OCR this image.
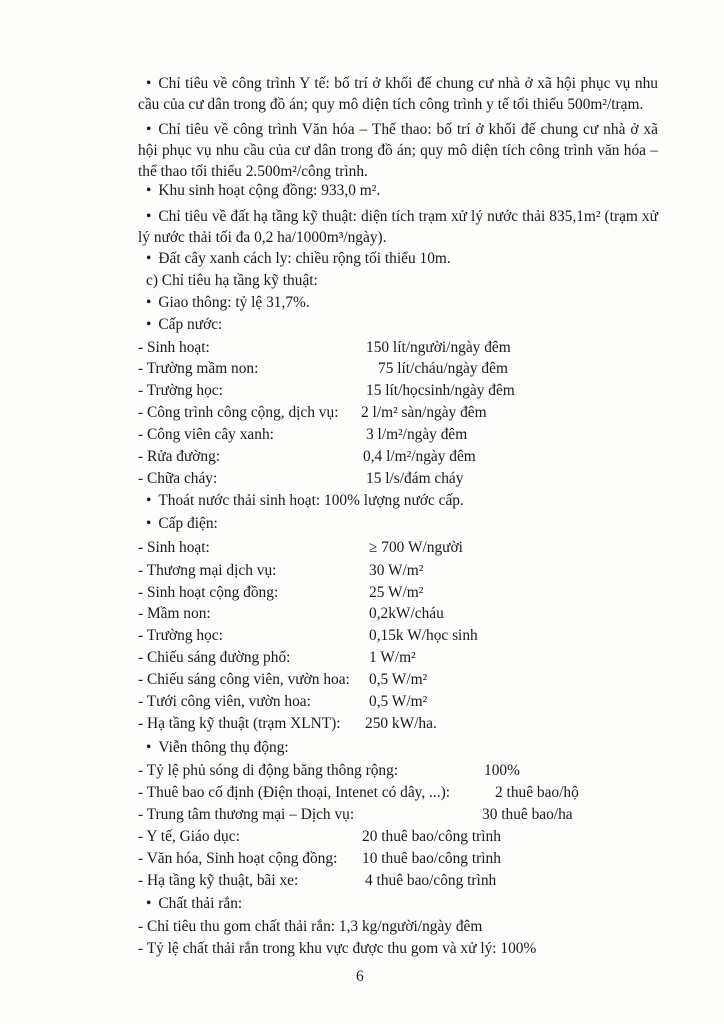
• Chỉ tiêu về công trình Y tế: bố trí ở khối đế chung cư nhà ở xã hội phục vụ nhu cầu của cư dân trong đồ án; quy mô diện tích công trình y tế tối thiểu 500m²/trạm.

• Chỉ tiêu về công trình Văn hóa – Thể thao: bố trí ở khối đế chung cư nhà ở xã hội phục vụ nhu cầu của cư dân trong đồ án; quy mô diện tích công trình văn hóa – thể thao tối thiểu 2.500m²/công trình.

• Khu sinh hoạt cộng đồng: 933,0 m².

• Chỉ tiêu về đất hạ tầng kỹ thuật: diện tích trạm xử lý nước thải 835,1m² (trạm xử lý nước thải tối đa 0,2 ha/1000m³/ngày).

• Đất cây xanh cách ly: chiều rộng tối thiểu 10m.

c) Chỉ tiêu hạ tầng kỹ thuật:

• Giao thông: tỷ lệ 31,7%.

• Cấp nước:

- Sinh hoạt:	150 lít/người/ngày đêm
- Trường mầm non:	75 lít/cháu/ngày đêm
- Trường học:	15 lít/họcsinh/ngày đêm
- Công trình công cộng, dịch vụ: 2 l/m² sàn/ngày đêm
- Công viên cây xanh:	3 l/m²/ngày đêm
- Rửa đường:	0,4 l/m²/ngày đêm
- Chữa cháy:	15 l/s/đám cháy

• Thoát nước thải sinh hoạt: 100% lượng nước cấp.

• Cấp điện:

- Sinh hoạt:	≥ 700 W/người
- Thương mại dịch vụ:	30 W/m²
- Sinh hoạt cộng đồng:	25 W/m²
- Mầm non:	0,2kW/cháu
- Trường học:	0,15k W/học sinh
- Chiếu sáng đường phố:	1 W/m²
- Chiếu sáng công viên, vườn hoa: 0,5 W/m²
- Tưới công viên, vườn hoa:	0,5 W/m²
- Hạ tầng kỹ thuật (trạm XLNT): 250 kW/ha.

• Viễn thông thụ động:

- Tỷ lệ phủ sóng di động băng thông rộng:	100%
- Thuê bao cố định (Điện thoại, Intenet có dây, ...):	2 thuê bao/hộ
- Trung tâm thương mại – Dịch vụ:	30 thuê bao/ha
- Y tế, Giáo dục:	20 thuê bao/công trình
- Văn hóa, Sinh hoạt cộng đồng: 10 thuê bao/công trình
- Hạ tầng kỹ thuật, bãi xe:	4 thuê bao/công trình

• Chất thải rắn:

- Chỉ tiêu thu gom chất thải rắn: 1,3 kg/người/ngày đêm

- Tỷ lệ chất thải rắn trong khu vực được thu gom và xử lý: 100%

6
